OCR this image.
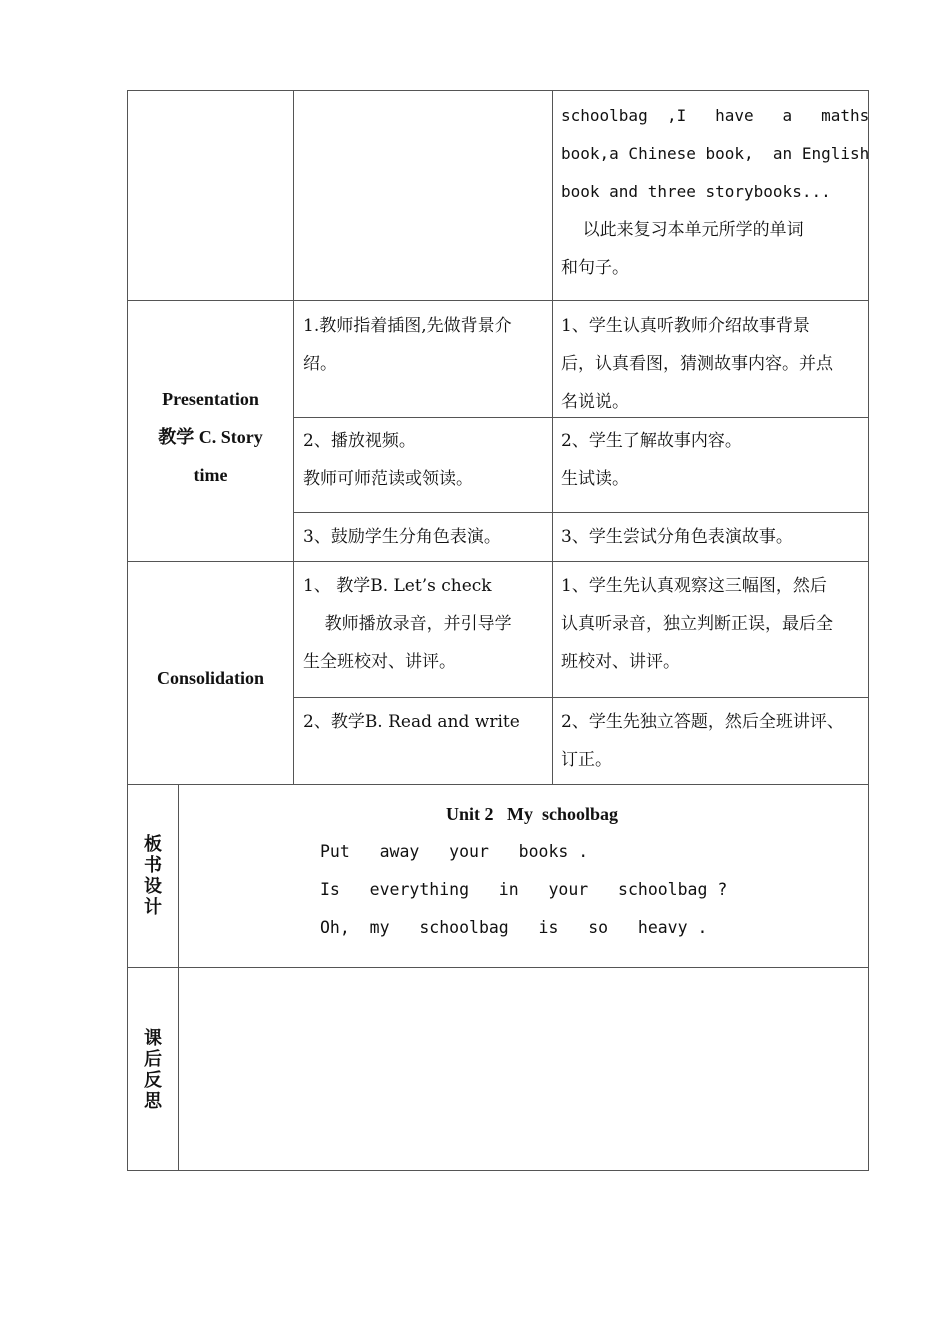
schoolbag  ,I   have   a   maths
book,a Chinese book,  an English
book and three storybooks...
以此来复习本单元所学的单词
和句子。
Presentation
教学 C. Story
time
1.教师指着插图,先做背景介
绍。
1、学生认真听教师介绍故事背景
后，认真看图，猜测故事内容。并点
名说说。
2、播放视频。
教师可师范读或领读。
2、学生了解故事内容。
生试读。
3、鼓励学生分角色表演。	3、学生尝试分角色表演故事。
Consolidation
1、 教学B. Let’s check
教师播放录音，并引导学
生全班校对、讲评。
1、学生先认真观察这三幅图，然后
认真听录音，独立判断正误，最后全
班校对、讲评。
2、教学B. Read and write 2、学生先独立答题，然后全班讲评、
订正。
板
书
设
计
Unit 2   My  schoolbag
Put   away   your   books .
Is   everything   in   your   schoolbag ?
Oh,  my   schoolbag   is   so   heavy .
课
后
反
思
